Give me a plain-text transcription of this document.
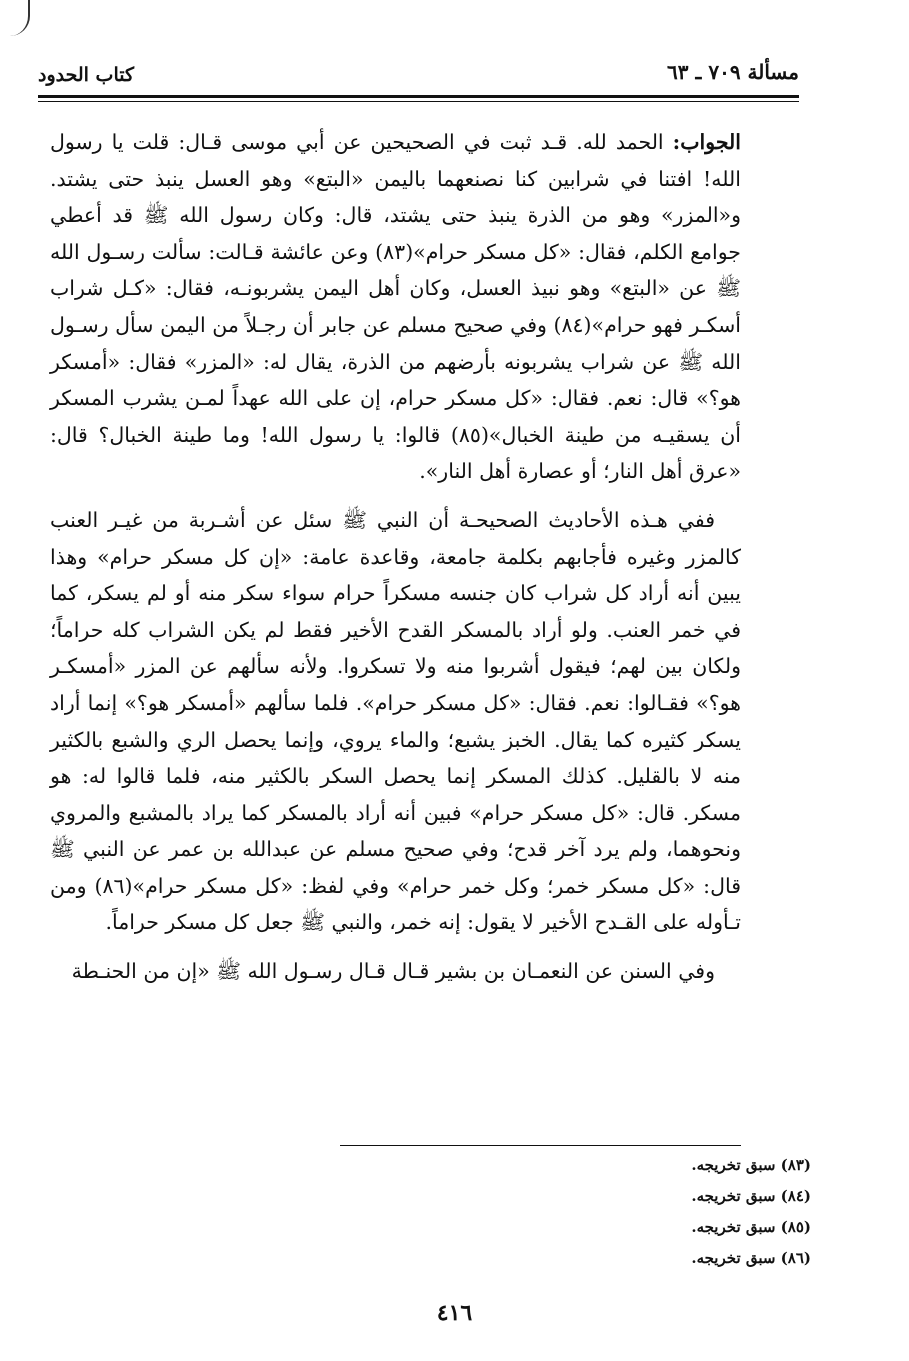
مسألة ٧٠٩ ـ ٦٣
كتاب الحدود

الجواب: الحمد لله. قـد ثبت في الصحيحين عن أبي موسى قـال: قلت يا رسول الله! افتنا في شرابين كنا نصنعهما باليمن «البتع» وهو العسل ينبذ حتى يشتد. و«المزر» وهو من الذرة ينبذ حتى يشتد، قال: وكان رسول الله ﷺ قد أعطي جوامع الكلم، فقال: «كل مسكر حرام»(٨٣) وعن عائشة قـالت: سألت رسـول الله ﷺ عن «البتع» وهو نبيذ العسل، وكان أهل اليمن يشربونـه، فقال: «كـل شراب أسكـر فهو حرام»(٨٤) وفي صحيح مسلم عن جابر أن رجـلاً من اليمن سأل رسـول الله ﷺ عن شراب يشربونه بأرضهم من الذرة، يقال له: «المزر» فقال: «أمسكر هو؟» قال: نعم. فقال: «كل مسكر حرام، إن على الله عهداً لمـن يشرب المسكر أن يسقيـه من طينة الخبال»(٨٥) قالوا: يا رسول الله! وما طينة الخبال؟ قال: «عرق أهل النار؛ أو عصارة أهل النار».

ففي هـذه الأحاديث الصحيحـة أن النبي ﷺ سئل عن أشـربة من غيـر العنب كالمزر وغيره فأجابهم بكلمة جامعة، وقاعدة عامة: «إن كل مسكر حرام» وهذا يبين أنه أراد كل شراب كان جنسه مسكراً حرام سواء سكر منه أو لم يسكر، كما في خمر العنب. ولو أراد بالمسكر القدح الأخير فقط لم يكن الشراب كله حراماً؛ ولكان بين لهم؛ فيقول أشربوا منه ولا تسكروا. ولأنه سألهم عن المزر «أمسكـر هو؟» فقـالوا: نعم. فقال: «كل مسكر حرام». فلما سألهم «أمسكر هو؟» إنما أراد يسكر كثيره كما يقال. الخبز يشبع؛ والماء يروي، وإنما يحصل الري والشبع بالكثير منه لا بالقليل. كذلك المسكر إنما يحصل السكر بالكثير منه، فلما قالوا له: هو مسكر. قال: «كل مسكر حرام» فبين أنه أراد بالمسكر كما يراد بالمشبع والمروي ونحوهما، ولم يرد آخر قدح؛ وفي صحيح مسلم عن عبدالله بن عمر عن النبي ﷺ قال: «كل مسكر خمر؛ وكل خمر حرام» وفي لفظ: «كل مسكر حرام»(٨٦) ومن تـأوله على القـدح الأخير لا يقول: إنه خمر، والنبي ﷺ جعل كل مسكر حراماً.

وفي السنن عن النعمـان بن بشير قـال قـال رسـول الله ﷺ «إن من الحنـطة

(٨٣) سبق تخريجه.
(٨٤) سبق تخريجه.
(٨٥) سبق تخريجه.
(٨٦) سبق تخريجه.
٤١٦
